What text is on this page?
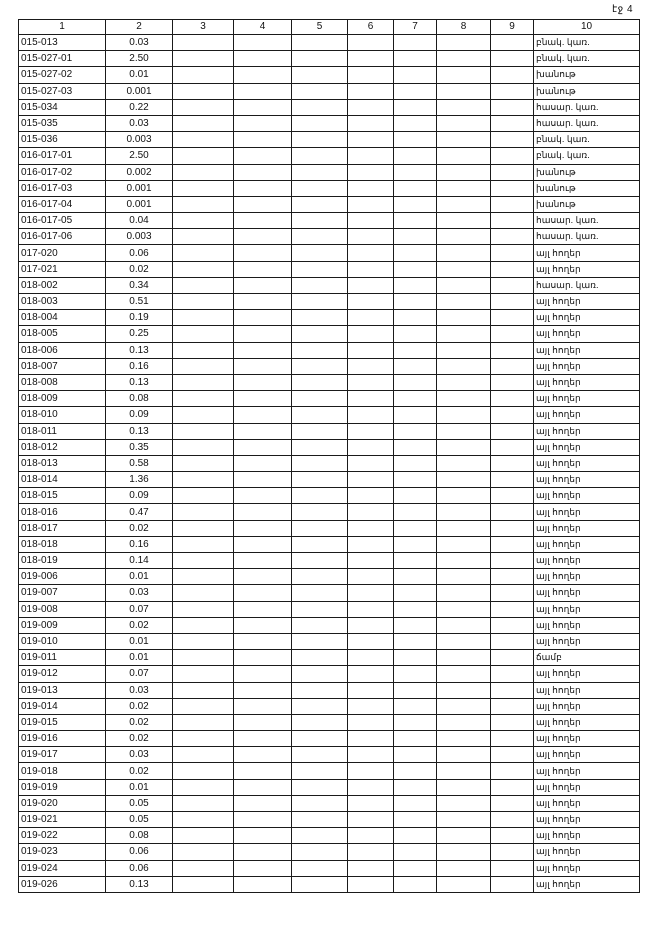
էջ 4
1	2	3	4	5	6	7	8	9	10
015-013	0.03								բնակ. կառ.
015-027-01	2.50								բնակ. կառ.
015-027-02	0.01								խանութ
015-027-03	0.001								խանութ
015-034	0.22								հասար. կառ.
015-035	0.03								հասար. կառ.
015-036	0.003								բնակ. կառ.
016-017-01	2.50								բնակ. կառ.
016-017-02	0.002								խանութ
016-017-03	0.001								խանութ
016-017-04	0.001								խանութ
016-017-05	0.04								հասար. կառ.
016-017-06	0.003								հասար. կառ.
017-020	0.06								այլ հողեր
017-021	0.02								այլ հողեր
018-002	0.34								հասար. կառ.
018-003	0.51								այլ հողեր
018-004	0.19								այլ հողեր
018-005	0.25								այլ հողեր
018-006	0.13								այլ հողեր
018-007	0.16								այլ հողեր
018-008	0.13								այլ հողեր
018-009	0.08								այլ հողեր
018-010	0.09								այլ հողեր
018-011	0.13								այլ հողեր
018-012	0.35								այլ հողեր
018-013	0.58								այլ հողեր
018-014	1.36								այլ հողեր
018-015	0.09								այլ հողեր
018-016	0.47								այլ հողեր
018-017	0.02								այլ հողեր
018-018	0.16								այլ հողեր
018-019	0.14								այլ հողեր
019-006	0.01								այլ հողեր
019-007	0.03								այլ հողեր
019-008	0.07								այլ հողեր
019-009	0.02								այլ հողեր
019-010	0.01								այլ հողեր
019-011	0.01								ճամբ
019-012	0.07								այլ հողեր
019-013	0.03								այլ հողեր
019-014	0.02								այլ հողեր
019-015	0.02								այլ հողեր
019-016	0.02								այլ հողեր
019-017	0.03								այլ հողեր
019-018	0.02								այլ հողեր
019-019	0.01								այլ հողեր
019-020	0.05								այլ հողեր
019-021	0.05								այլ հողեր
019-022	0.08								այլ հողեր
019-023	0.06								այլ հողեր
019-024	0.06								այլ հողեր
019-026	0.13								այլ հողեր
